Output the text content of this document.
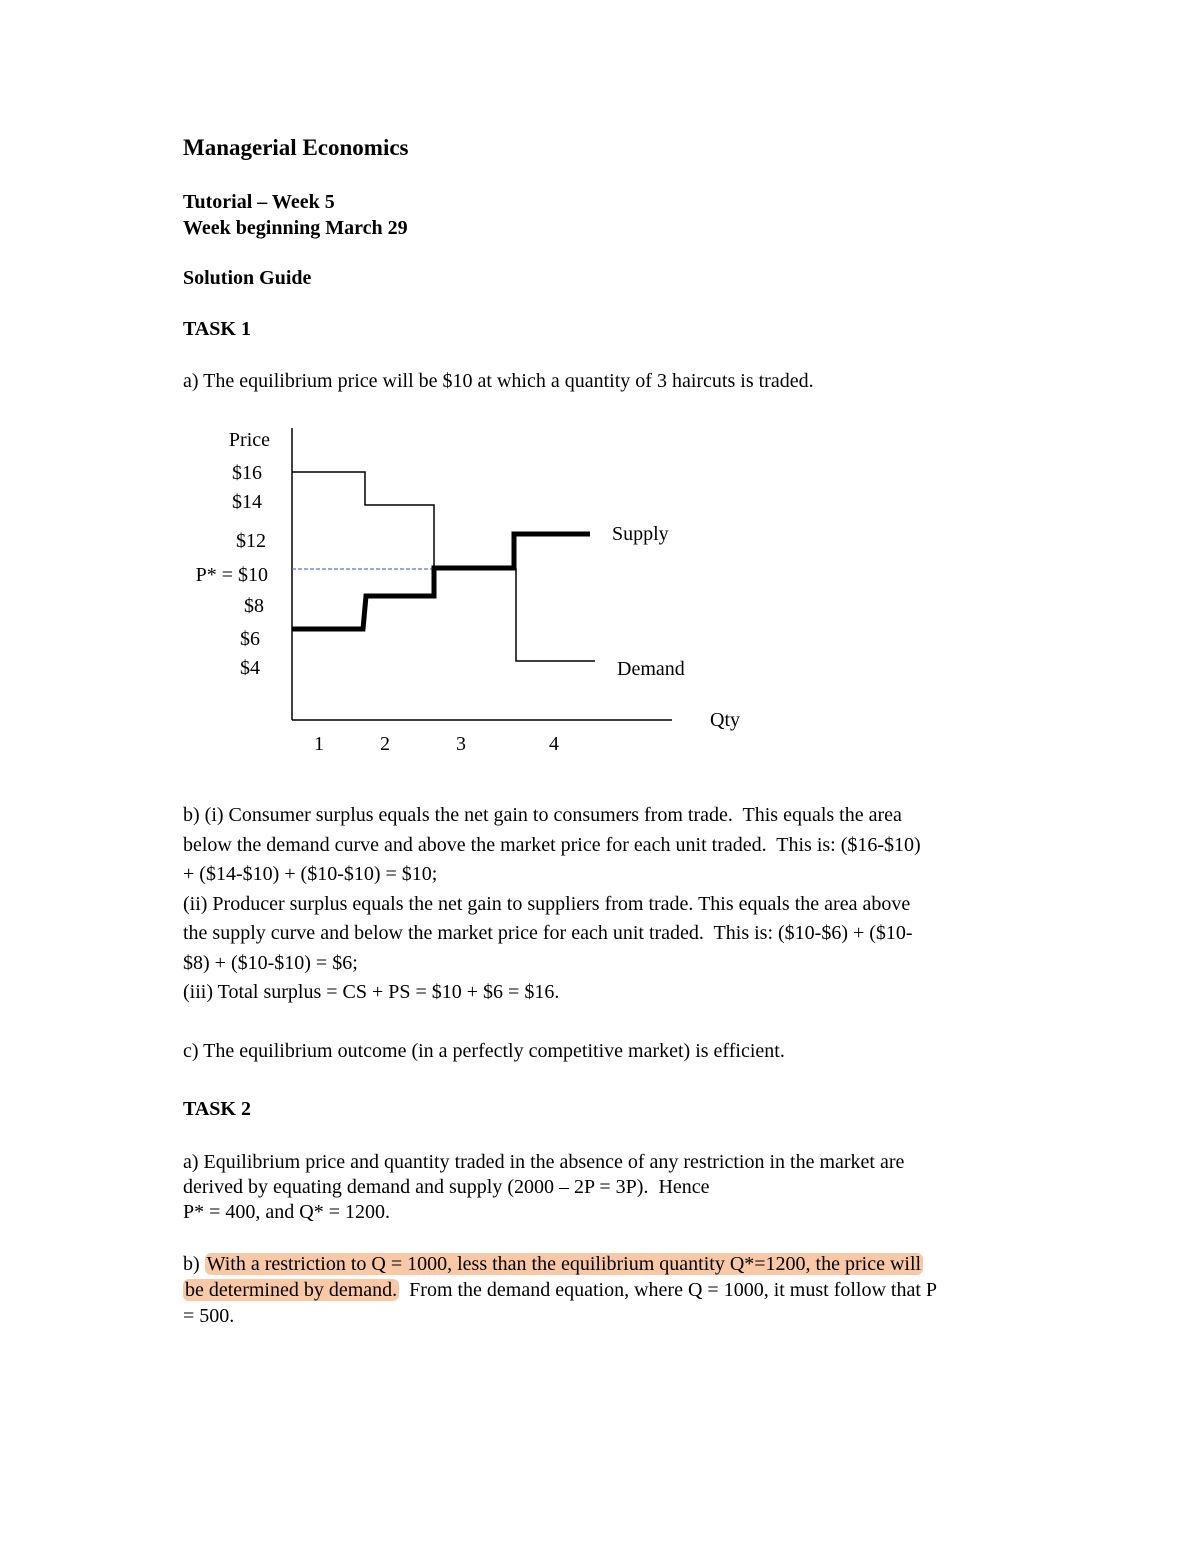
Managerial Economics
Tutorial – Week 5
Week beginning March 29
Solution Guide
TASK 1
a) The equilibrium price will be $10 at which a quantity of 3 haircuts is traded.
Price
Qty
$16
$14
$12
P* = $10
$8
$6
$4
1	2	3	4
Supply
Demand
b) (i) Consumer surplus equals the net gain to consumers from trade.  This equals the area
below the demand curve and above the market price for each unit traded.  This is: ($16-$10)
+ ($14-$10) + ($10-$10) = $10;
(ii) Producer surplus equals the net gain to suppliers from trade. This equals the area above
the supply curve and below the market price for each unit traded.  This is: ($10-$6) + ($10-
$8) + ($10-$10) = $6;
(iii) Total surplus = CS + PS = $10 + $6 = $16.
c) The equilibrium outcome (in a perfectly competitive market) is efficient.
TASK 2
a) Equilibrium price and quantity traded in the absence of any restriction in the market are
derived by equating demand and supply (2000 – 2P = 3P).  Hence
P* = 400, and Q* = 1200.
b) With a restriction to Q = 1000, less than the equilibrium quantity Q*=1200, the price will
be determined by demand.  From the demand equation, where Q = 1000, it must follow that P
= 500.
